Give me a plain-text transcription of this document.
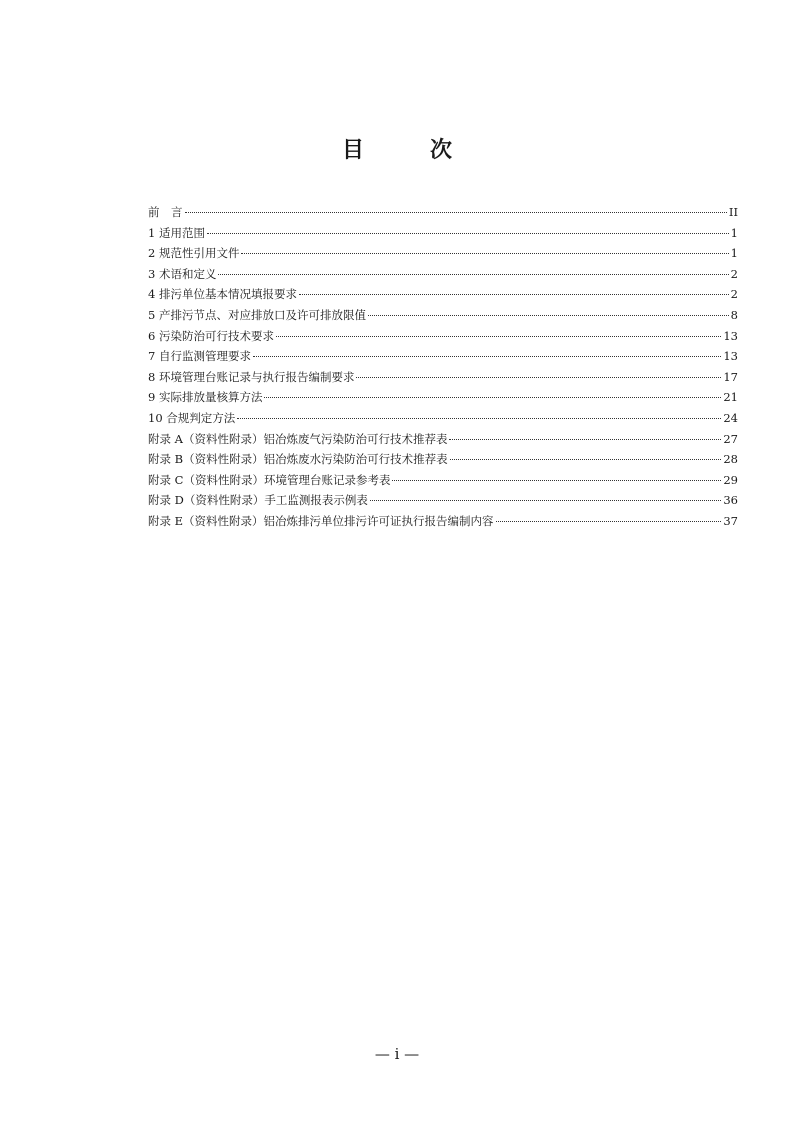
目　次
前　言	II
1 适用范围	1
2 规范性引用文件	1
3 术语和定义	2
4 排污单位基本情况填报要求	2
5 产排污节点、对应排放口及许可排放限值	8
6 污染防治可行技术要求	13
7 自行监测管理要求	13
8 环境管理台账记录与执行报告编制要求	17
9 实际排放量核算方法	21
10 合规判定方法	24
附录 A（资料性附录）铝冶炼废气污染防治可行技术推荐表	27
附录 B（资料性附录）铝冶炼废水污染防治可行技术推荐表	28
附录 C（资料性附录）环境管理台账记录参考表	29
附录 D（资料性附录）手工监测报表示例表	36
附录 E（资料性附录）铝冶炼排污单位排污许可证执行报告编制内容	37
— i —
